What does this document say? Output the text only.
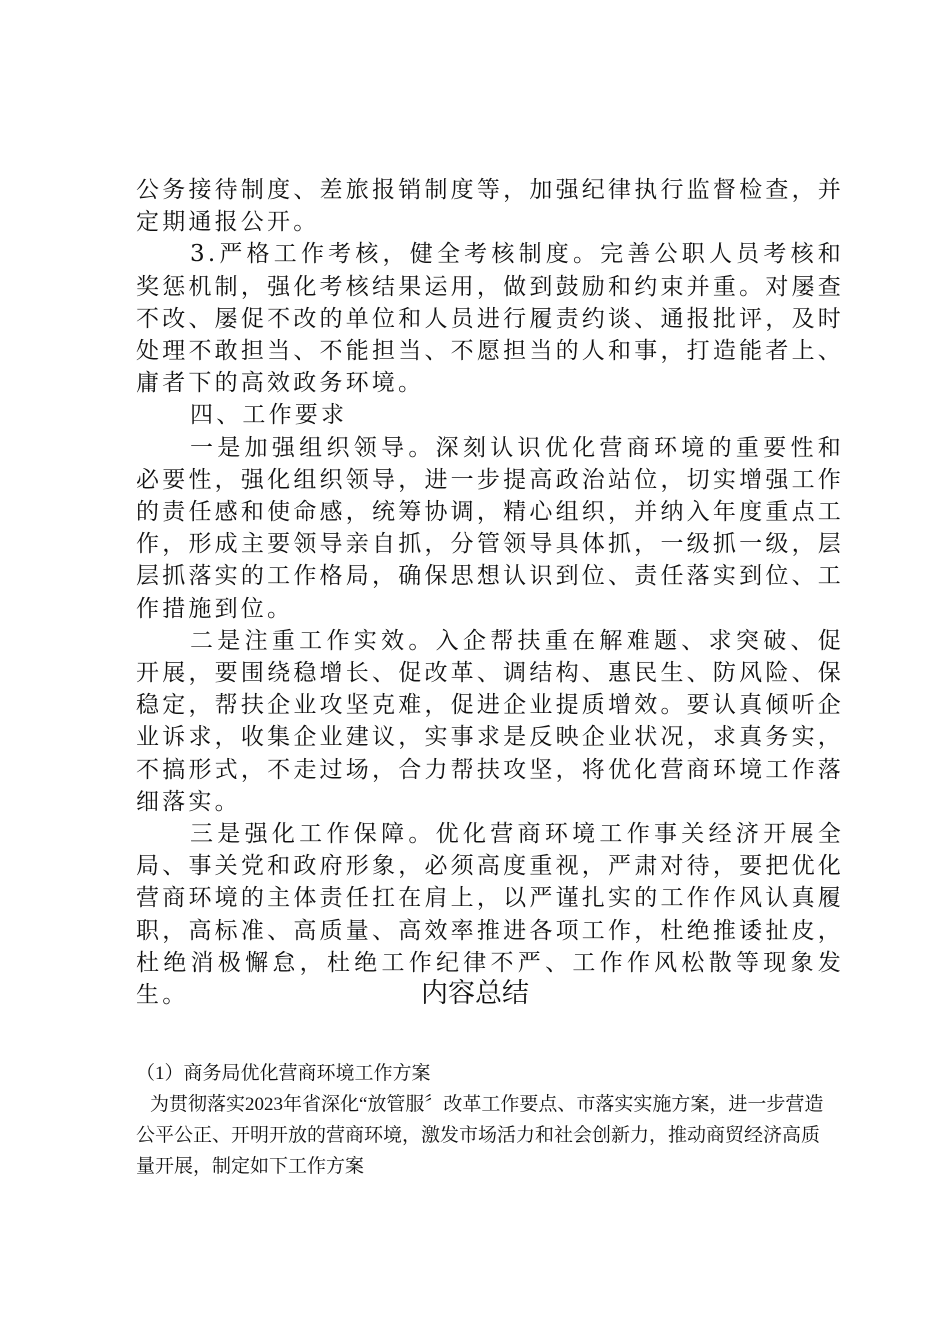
公务接待制度、差旅报销制度等，加强纪律执行监督检查，并定期通报公开。

3.严格工作考核，健全考核制度。完善公职人员考核和奖惩机制，强化考核结果运用，做到鼓励和约束并重。对屡查不改、屡促不改的单位和人员进行履责约谈、通报批评，及时处理不敢担当、不能担当、不愿担当的人和事，打造能者上、庸者下的高效政务环境。

四、工作要求

一是加强组织领导。深刻认识优化营商环境的重要性和必要性，强化组织领导，进一步提高政治站位，切实增强工作的责任感和使命感，统筹协调，精心组织，并纳入年度重点工作，形成主要领导亲自抓，分管领导具体抓，一级抓一级，层层抓落实的工作格局，确保思想认识到位、责任落实到位、工作措施到位。

二是注重工作实效。入企帮扶重在解难题、求突破、促开展，要围绕稳增长、促改革、调结构、惠民生、防风险、保稳定，帮扶企业攻坚克难，促进企业提质增效。要认真倾听企业诉求，收集企业建议，实事求是反映企业状况，求真务实，不搞形式，不走过场，合力帮扶攻坚，将优化营商环境工作落细落实。

三是强化工作保障。优化营商环境工作事关经济开展全局、事关党和政府形象，必须高度重视，严肃对待，要把优化营商环境的主体责任扛在肩上，以严谨扎实的工作作风认真履职，高标准、高质量、高效率推进各项工作，杜绝推诿扯皮，杜绝消极懈怠，杜绝工作纪律不严、工作作风松散等现象发生。	内容总结

（1）商务局优化营商环境工作方案

为贯彻落实2023年省深化“放管服〞改革工作要点、市落实实施方案，进一步营造公平公正、开明开放的营商环境，激发市场活力和社会创新力，推动商贸经济高质量开展，制定如下工作方案
